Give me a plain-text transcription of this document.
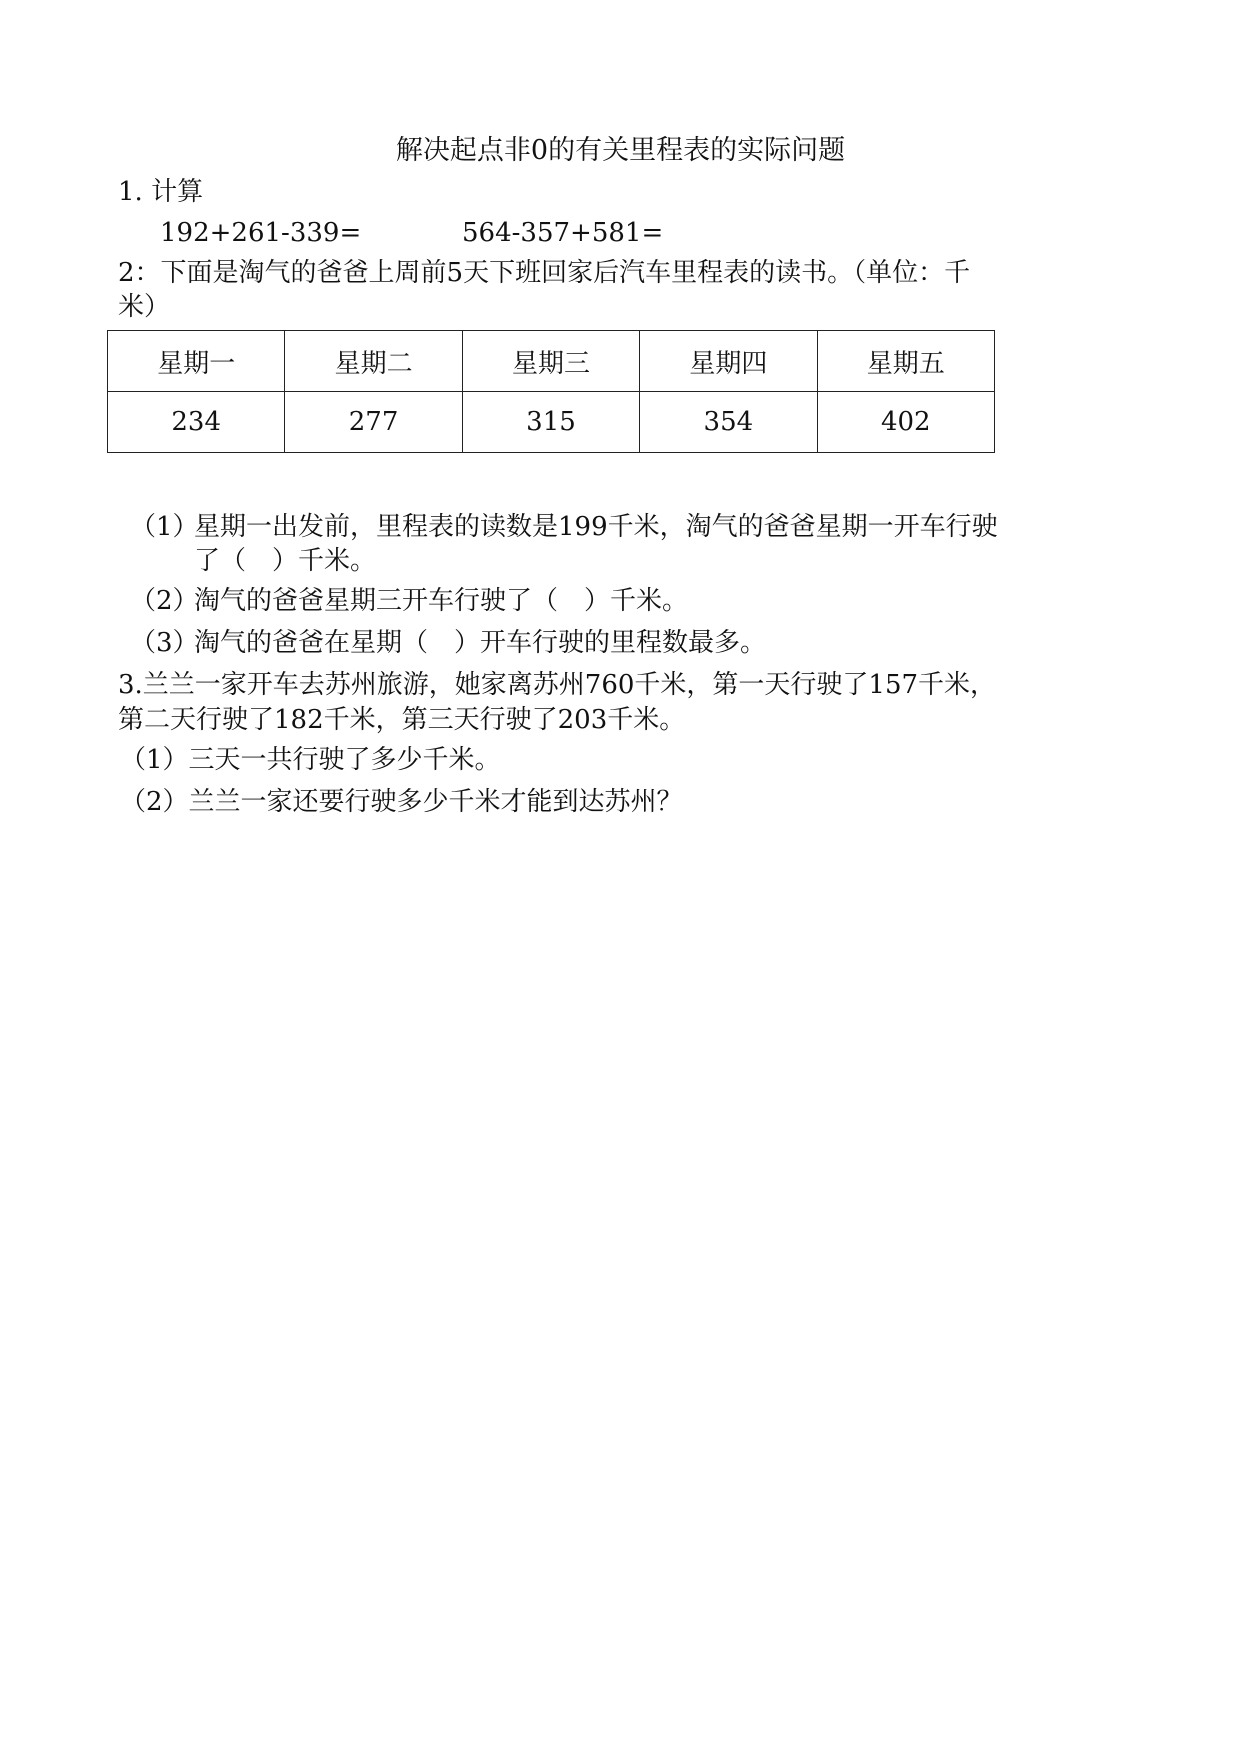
解决起点非0的有关里程表的实际问题
1. 计算
192+261-339=	564-357+581=
2：下面是淘气的爸爸上周前5天下班回家后汽车里程表的读书。（单位：千
米）
星期一	星期二	星期三	星期四	星期五
234	277	315	354	402
（1）
星期一出发前，里程表的读数是199千米，淘气的爸爸星期一开车行驶
了（ ）千米。
（2）
淘气的爸爸星期三开车行驶了（ ）千米。
（3）
淘气的爸爸在星期（ ）开车行驶的里程数最多。
3.兰兰一家开车去苏州旅游，她家离苏州760千米，第一天行驶了157千米，
第二天行驶了182千米，第三天行驶了203千米。
（1）三天一共行驶了多少千米。
（2）兰兰一家还要行驶多少千米才能到达苏州？
